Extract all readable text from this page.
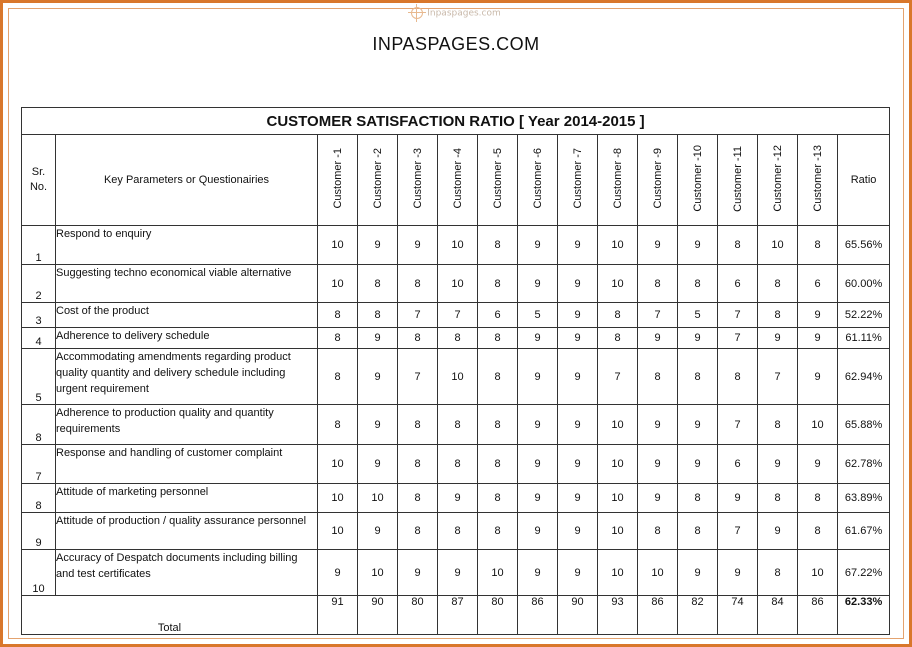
Inpaspages.com
INPASPAGES.COM
CUSTOMER SATISFACTION RATIO [ Year 2014-2015 ]															
Sr. No.	Key Parameters or Questionairies	Customer -1	Customer -2	Customer -3	Customer -4	Customer -5	Customer -6	Customer -7	Customer -8	Customer -9	Customer -10	Customer -11	Customer -12	Customer -13	Ratio
1	Respond to enquiry	10	9	9	10	8	9	9	10	9	9	8	10	8	65.56%
2	Suggesting techno economical viable alternative	10	8	8	10	8	9	9	10	8	8	6	8	6	60.00%
3	Cost of the product	8	8	7	7	6	5	9	8	7	5	7	8	9	52.22%
4	Adherence to delivery schedule	8	9	8	8	8	9	9	8	9	9	7	9	9	61.11%
5	Accommodating amendments regarding product quality quantity and delivery schedule including urgent requirement	8	9	7	10	8	9	9	7	8	8	8	7	9	62.94%
8	Adherence to production quality and quantity requirements	8	9	8	8	8	9	9	10	9	9	7	8	10	65.88%
7	Response and handling of customer complaint	10	9	8	8	8	9	9	10	9	9	6	9	9	62.78%
8	Attitude of marketing personnel	10	10	8	9	8	9	9	10	9	8	9	8	8	63.89%
9	Attitude of production / quality assurance personnel	10	9	8	8	8	9	9	10	8	8	7	9	8	61.67%
10	Accuracy of Despatch documents including billing and test certificates	9	10	9	9	10	9	9	10	10	9	9	8	10	67.22%
Total		91	90	80	87	80	86	90	93	86	82	74	84	86	62.33%
